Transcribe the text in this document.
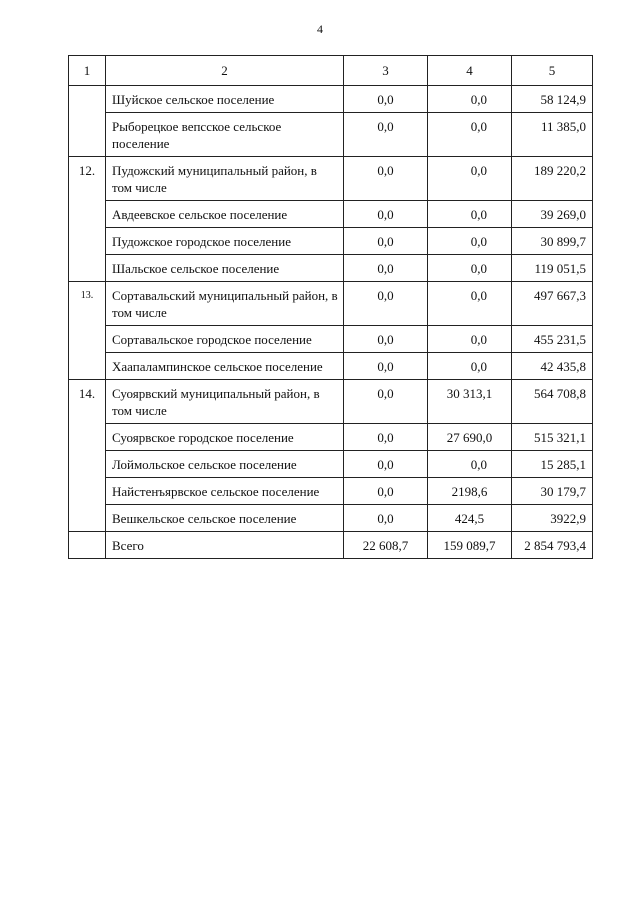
4
1	2	3	4	5
	Шуйское сельское поселение	0,0	0,0	58 124,9
	Рыборецкое вепсское сельское поселение	0,0	0,0	11 385,0
12.	Пудожский муниципальный район, в том числе	0,0	0,0	189 220,2
	Авдеевское сельское поселение	0,0	0,0	39 269,0
	Пудожское городское поселение	0,0	0,0	30 899,7
	Шальское сельское поселение	0,0	0,0	119 051,5
13.	Сортавальский муниципальный район, в том числе	0,0	0,0	497 667,3
	Сортавальское городское поселение	0,0	0,0	455 231,5
	Хаапалампинское сельское поселение	0,0	0,0	42 435,8
14.	Суоярвский муниципальный район, в том числе	0,0	30 313,1	564 708,8
	Суоярвское городское поселение	0,0	27 690,0	515 321,1
	Лоймольское сельское поселение	0,0	0,0	15 285,1
	Найстенъярвское сельское поселение	0,0	2198,6	30 179,7
	Вешкельское сельское поселение	0,0	424,5	3922,9
	Всего	22 608,7	159 089,7	2 854 793,4
